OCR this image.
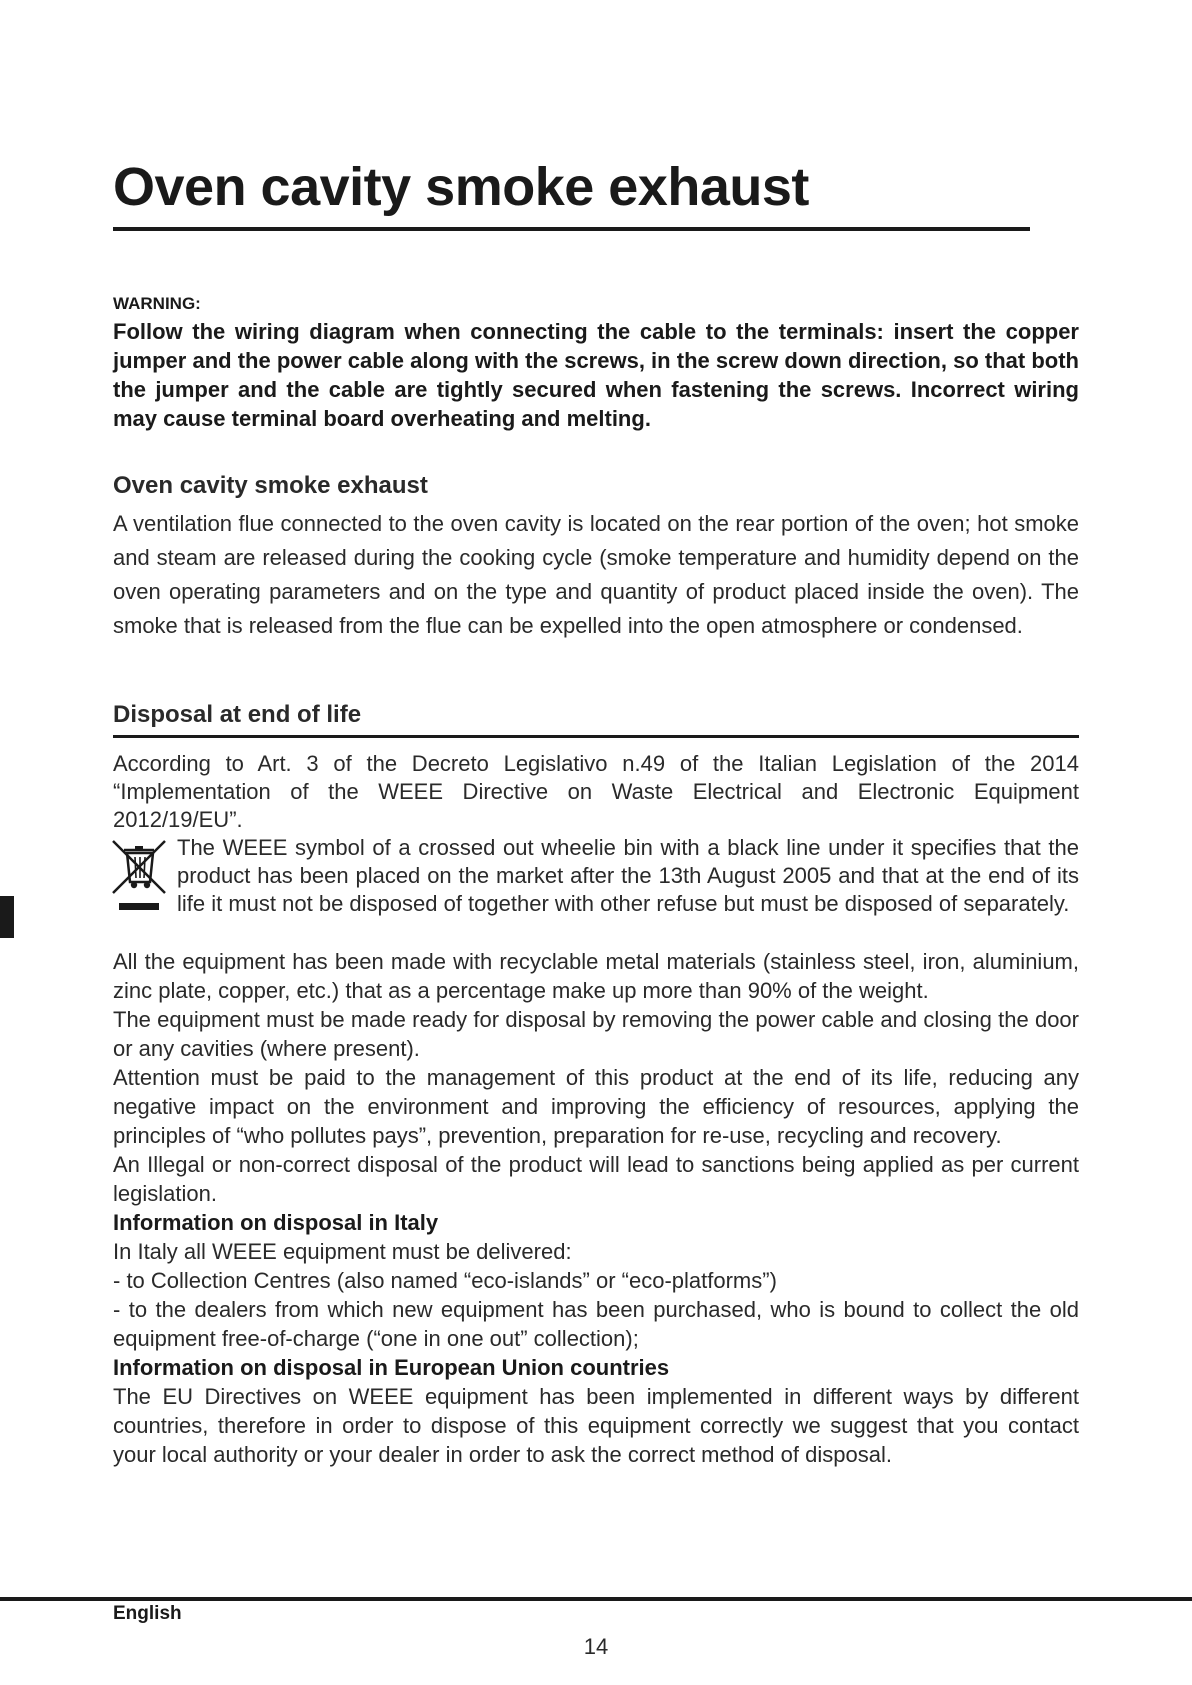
Oven cavity smoke exhaust

WARNING:

Follow the wiring diagram when connecting the cable to the terminals: insert the copper jumper and the power cable along with the screws, in the screw down direction, so that both the jumper and the cable are tightly secured when fastening the screws. Incorrect wiring may cause terminal board overheating and melting.

Oven cavity smoke exhaust

A ventilation flue connected to the oven cavity is located on the rear portion of the oven; hot smoke and steam are released during the cooking cycle (smoke temperature and humidity depend on the oven operating parameters and on the type and quantity of product placed inside the oven). The smoke that is released from the flue can be expelled into the open atmosphere or condensed.

Disposal at end of life

According to Art. 3 of the Decreto Legislativo n.49 of the Italian Legislation of the 2014 “Implementation of the WEEE Directive on Waste Electrical and Electronic Equipment 2012/19/EU”.

The WEEE symbol of a crossed out wheelie bin with a black line under it specifies that the product has been placed on the market after the 13th August 2005 and that at the end of its life it must not be disposed of together with other refuse but must be disposed of separately.

All the equipment has been made with recyclable metal materials (stainless steel, iron, aluminium, zinc plate, copper, etc.) that as a percentage make up more than 90% of the weight.

The equipment must be made ready for disposal by removing the power cable and closing the door or any cavities (where present).

Attention must be paid to the management of this product at the end of its life, reducing any negative impact on the environment and improving the efficiency of resources, applying the principles of “who pollutes pays”, prevention, preparation for re-use, recycling and recovery.

An Illegal or non-correct disposal of the product will lead to sanctions being applied as per current legislation.

Information on disposal in Italy

In Italy all WEEE equipment must be delivered:

- to Collection Centres (also named “eco-islands” or “eco-platforms”)

- to the dealers from which new equipment has been purchased, who is bound to collect the old equipment free-of-charge (“one in one out” collection);

Information on disposal in European Union countries

The EU Directives on WEEE equipment has been implemented in different ways by different countries, therefore in order to dispose of this equipment correctly we suggest that you contact your local authority or your dealer in order to ask the correct method of disposal.

English

14
